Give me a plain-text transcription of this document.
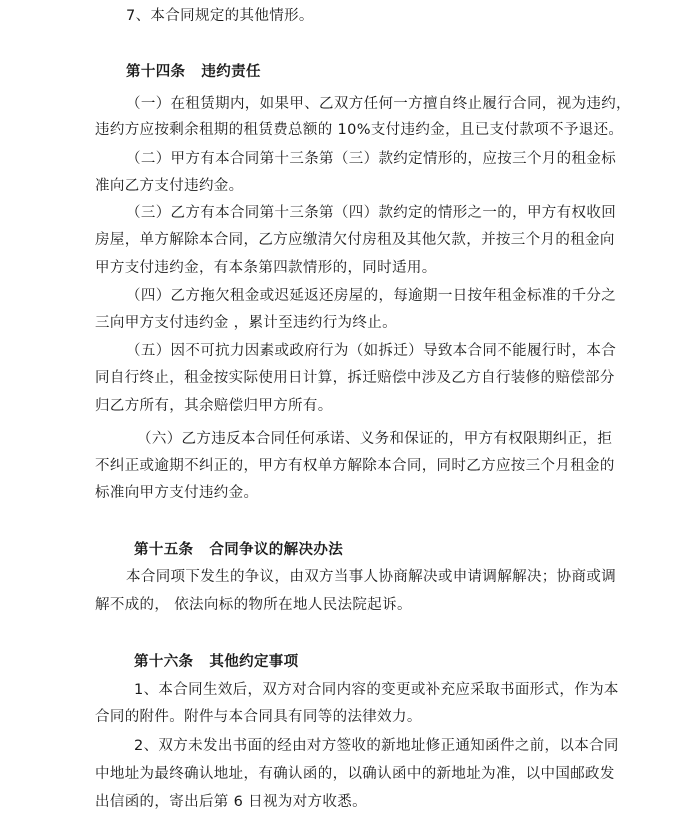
7、本合同规定的其他情形。
第十四条 违约责任
（一）在租赁期内，如果甲、乙双方任何一方擅自终止履行合同，视为违约，
违约方应按剩余租期的租赁费总额的 10%支付违约金，且已支付款项不予退还。
（二）甲方有本合同第十三条第（三）款约定情形的，应按三个月的租金标
准向乙方支付违约金。
（三）乙方有本合同第十三条第（四）款约定的情形之一的，甲方有权收回
房屋，单方解除本合同，乙方应缴清欠付房租及其他欠款，并按三个月的租金向
甲方支付违约金，有本条第四款情形的，同时适用。
（四）乙方拖欠租金或迟延返还房屋的，每逾期一日按年租金标准的千分之
三向甲方支付违约金 ，累计至违约行为终止。
（五）因不可抗力因素或政府行为（如拆迁）导致本合同不能履行时，本合
同自行终止，租金按实际使用日计算，拆迁赔偿中涉及乙方自行装修的赔偿部分
归乙方所有，其余赔偿归甲方所有。
（六）乙方违反本合同任何承诺、义务和保证的，甲方有权限期纠正，拒
不纠正或逾期不纠正的，甲方有权单方解除本合同，同时乙方应按三个月租金的
标准向甲方支付违约金。
第十五条 合同争议的解决办法
本合同项下发生的争议，由双方当事人协商解决或申请调解解决；协商或调
解不成的， 依法向标的物所在地人民法院起诉。
第十六条 其他约定事项
1、本合同生效后，双方对合同内容的变更或补充应采取书面形式，作为本
合同的附件。附件与本合同具有同等的法律效力。
2、双方未发出书面的经由对方签收的新地址修正通知函件之前，以本合同
中地址为最终确认地址，有确认函的，以确认函中的新地址为准，以中国邮政发
出信函的，寄出后第 6 日视为对方收悉。
